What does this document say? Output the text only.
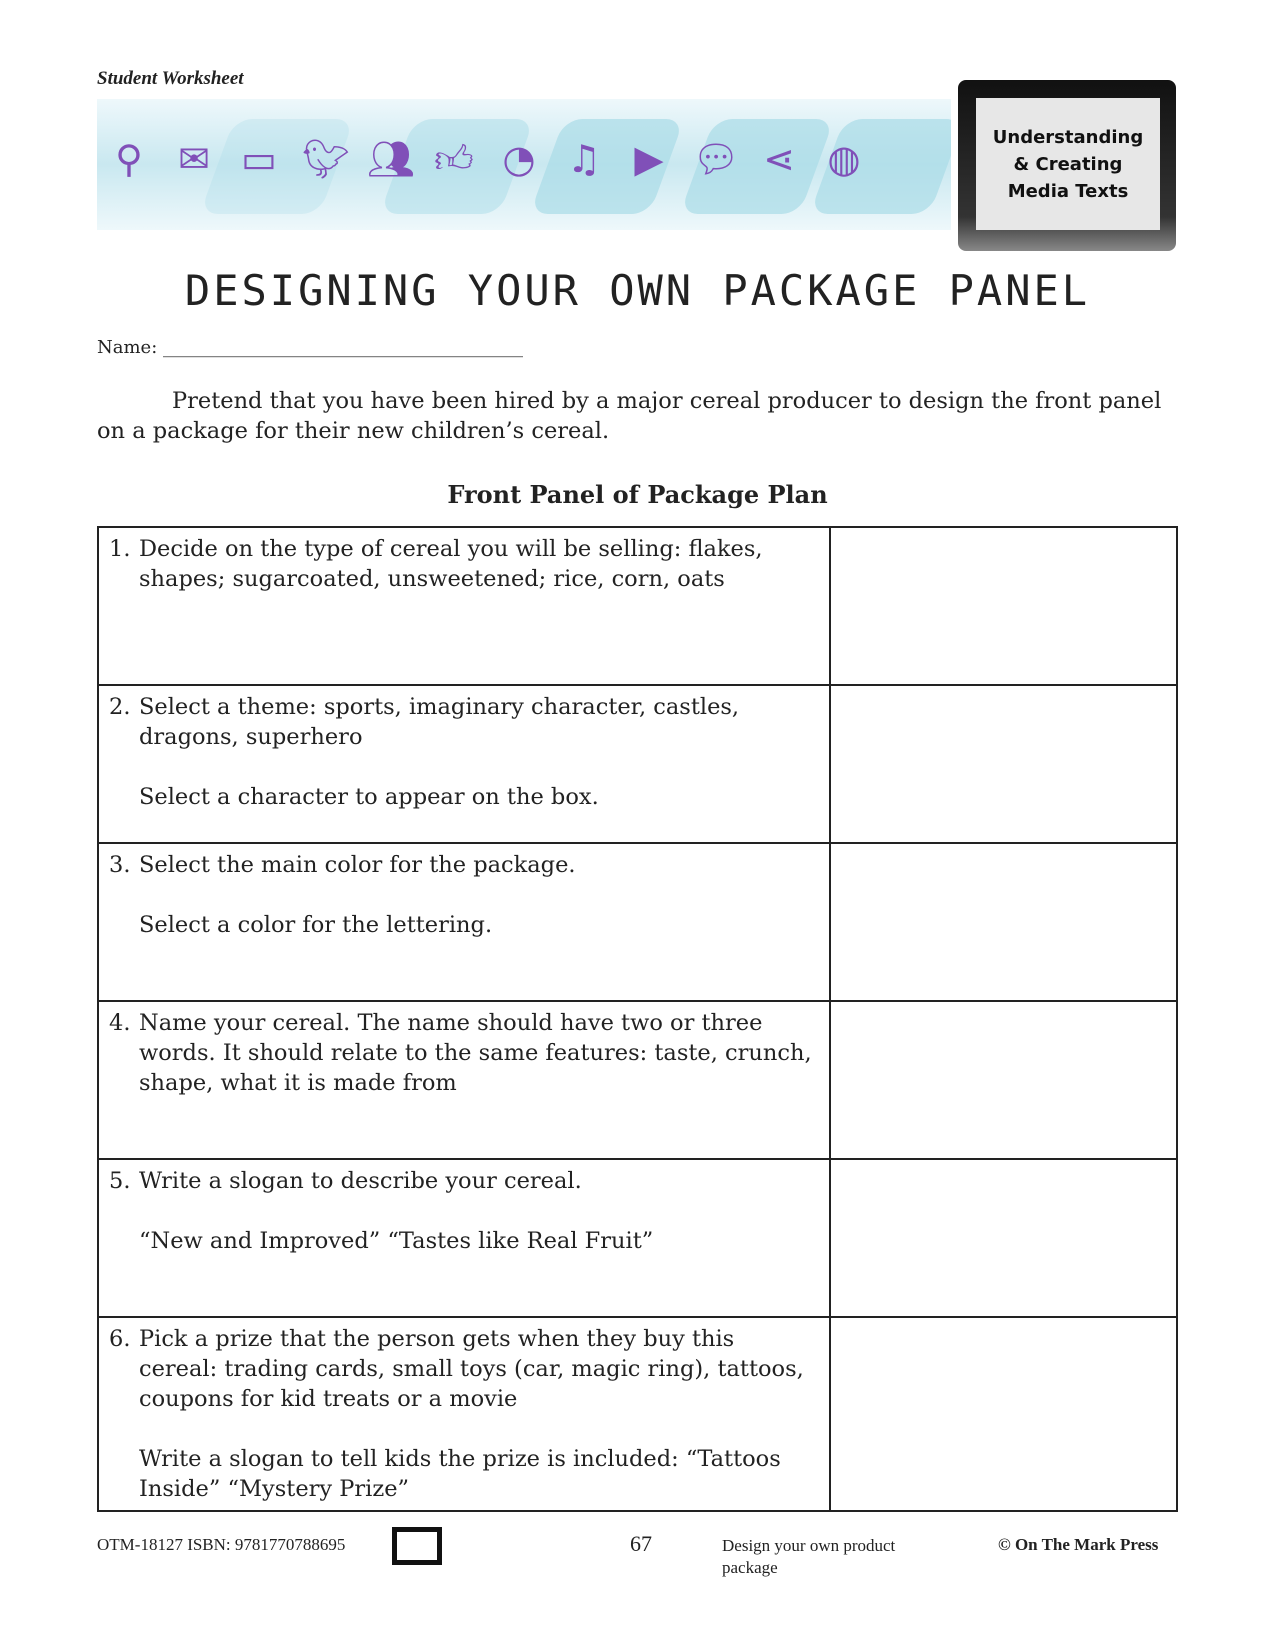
Student Worksheet
⚲ ✉ ▭ 🐦︎ 👥︎ 👍︎ ◔ ♫ ▶ 💬︎ ⋖ ◍	Understanding
& Creating
Media Texts
DESIGNING YOUR OWN PACKAGE PANEL
Name: ________________________________________
Pretend that you have been hired by a major cereal producer to design the front panel on a package for their new children’s cereal.
Front Panel of Package Plan
1. Decide on the type of cereal you will be selling: flakes, shapes; sugarcoated, unsweetened; rice, corn, oats	

2. Select a theme: sports, imaginary character, castles, dragons, superhero
Select a character to appear on the box.	

3. Select the main color for the package.
Select a color for the lettering.	

4. Name your cereal. The name should have two or three words. It should relate to the same features: taste, crunch, shape, what it is made from	

5. Write a slogan to describe your cereal.
“New and Improved” “Tastes like Real Fruit”	

6. Pick a prize that the person gets when they buy this cereal: trading cards, small toys (car, magic ring), tattoos, coupons for kid treats or a movie
Write a slogan to tell kids the prize is included: “Tattoos Inside” “Mystery Prize”	

OTM-18127 ISBN: 9781770788695	67	Design your own product package
© On The Mark Press
